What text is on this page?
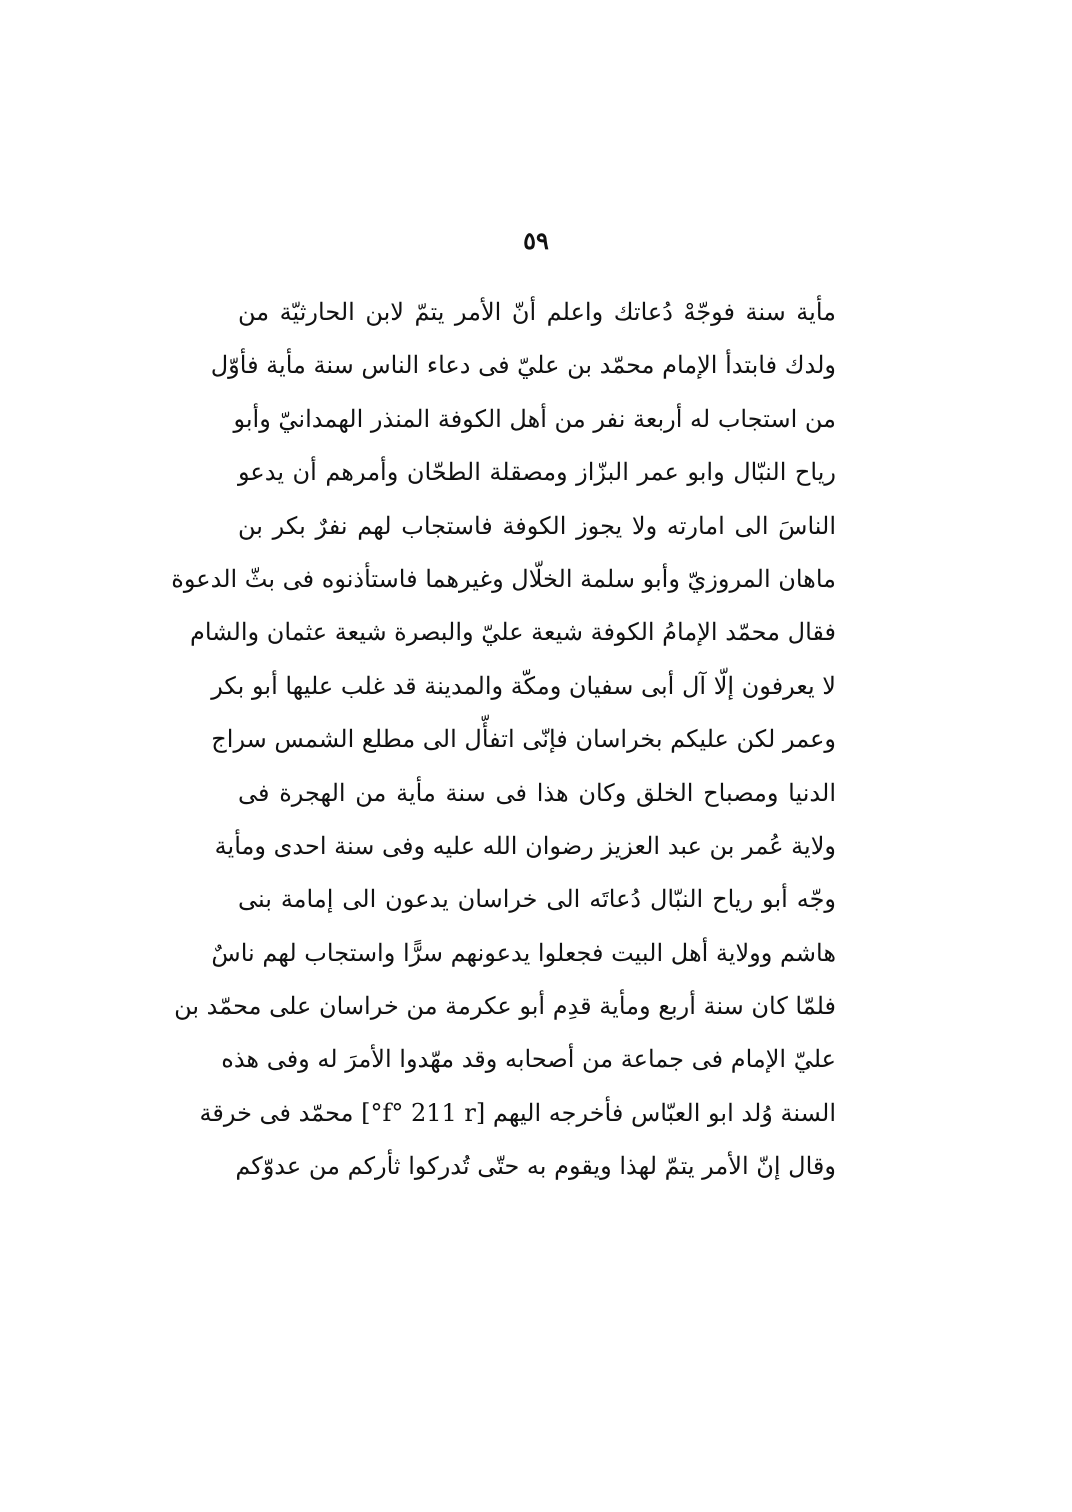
٥٩
مأية سنة فوجّهْ دُعاتك واعلم أنّ الأمر يتمّ لابن الحارثيّة من
ولدك فابتدأ الإمام محمّد بن عليّ فى دعاء الناس سنة مأية فأوّل
من استجاب له أربعة نفر من أهل الكوفة المنذر الهمدانيّ وأبو
رياح النبّال وابو عمر البزّاز ومصقلة الطحّان وأمرهم أن يدعو
الناسَ الى امارته ولا يجوز الكوفة فاستجاب لهم نفرٌ بكر بن
ماهان المروزيّ وأبو سلمة الخلّال وغيرهما فاستأذنوه فى بثّ الدعوة
فقال محمّد الإمامُ الكوفة شيعة عليّ والبصرة شيعة عثمان والشام
لا يعرفون إلّا آل أبى سفيان ومكّة والمدينة قد غلب عليها أبو بكر
وعمر لكن عليكم بخراسان فإنّى اتفأّل الى مطلع الشمس سراج
الدنيا ومصباح الخلق وكان هذا فى سنة مأية من الهجرة فى
ولاية عُمر بن عبد العزيز رضوان الله عليه وفى سنة احدى ومأية
وجّه أبو رياح النبّال دُعاتَه الى خراسان يدعون الى إمامة بنى
هاشم وولاية أهل البيت فجعلوا يدعونهم سرًّا واستجاب لهم ناسٌ
فلمّا كان سنة أربع ومأية قدِم أبو عكرمة من خراسان على محمّد بن
عليّ الإمام فى جماعة من أصحابه وقد مهّدوا الأمرَ له وفى هذه
السنة وُلد ابو العبّاس فأخرجه اليهم [f° 211 r°] محمّد فى خرقة
وقال إنّ الأمر يتمّ لهذا ويقوم به حتّى تُدركوا ثأركم من عدوّكم
